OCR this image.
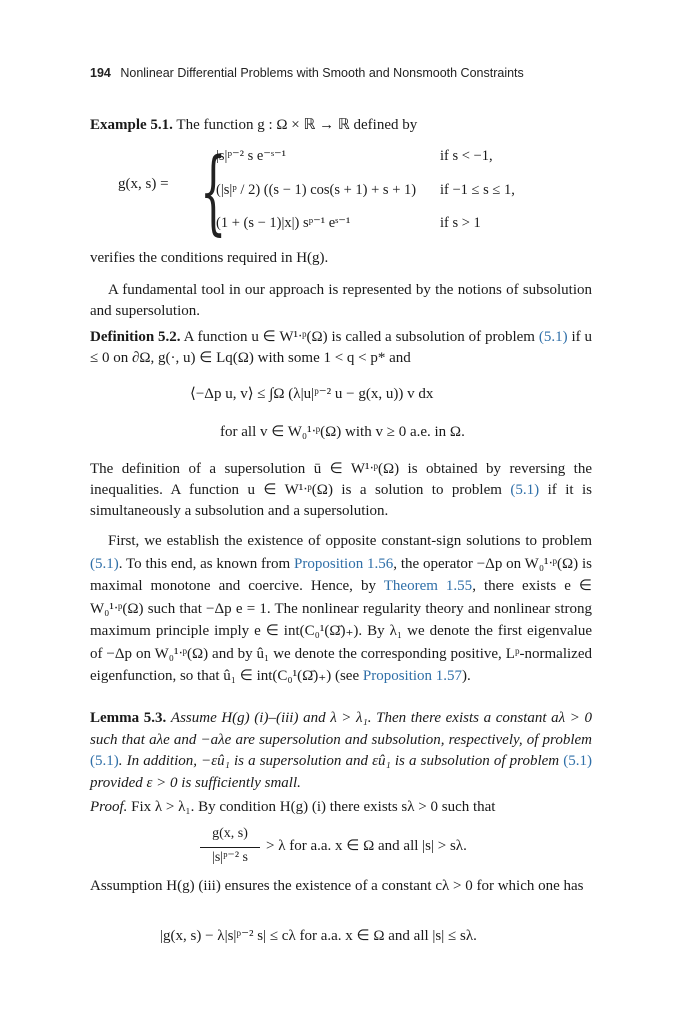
194 Nonlinear Differential Problems with Smooth and Nonsmooth Constraints
Example 5.1. The function g : Ω × ℝ → ℝ defined by
g(x, s) = {
|s|ᵖ⁻² s e⁻ˢ⁻¹	if s < −1,
(|s|ᵖ / 2) ((s − 1) cos(s + 1) + s + 1) if −1 ≤ s ≤ 1,
(1 + (s − 1)|x|) sᵖ⁻¹ eˢ⁻¹	if s > 1
verifies the conditions required in H(g).
A fundamental tool in our approach is represented by the notions of subsolution and supersolution.
Definition 5.2. A function u ∈ W¹ᐧᵖ(Ω) is called a subsolution of problem (5.1) if u ≤ 0 on ∂Ω, g(·, u) ∈ Lq(Ω) with some 1 < q < p* and
⟨−Δp u, v⟩ ≤ ∫Ω (λ|u|ᵖ⁻² u − g(x, u)) v dx
for all v ∈ W₀¹ᐧᵖ(Ω) with v ≥ 0 a.e. in Ω.
The definition of a supersolution ū ∈ W¹ᐧᵖ(Ω) is obtained by reversing the inequalities. A function u ∈ W¹ᐧᵖ(Ω) is a solution to problem (5.1) if it is simultaneously a subsolution and a supersolution.
First, we establish the existence of opposite constant-sign solutions to problem (5.1). To this end, as known from Proposition 1.56, the operator −Δp on W₀¹ᐧᵖ(Ω) is maximal monotone and coercive. Hence, by Theorem 1.55, there exists e ∈ W₀¹ᐧᵖ(Ω) such that −Δp e = 1. The nonlinear regularity theory and nonlinear strong maximum principle imply e ∈ int(C₀¹(Ω̄)₊). By λ₁ we denote the first eigenvalue of −Δp on W₀¹ᐧᵖ(Ω) and by û₁ we denote the corresponding positive, Lᵖ-normalized eigenfunction, so that û₁ ∈ int(C₀¹(Ω̄)₊) (see Proposition 1.57).
Lemma 5.3. Assume H(g) (i)–(iii) and λ > λ₁. Then there exists a constant aλ > 0 such that aλe and −aλe are supersolution and subsolution, respectively, of problem (5.1). In addition, −εû₁ is a supersolution and εû₁ is a subsolution of problem (5.1) provided ε > 0 is sufficiently small.
Proof. Fix λ > λ₁. By condition H(g) (i) there exists sλ > 0 such that
g(x, s)
|s|ᵖ⁻² s
> λ for a.a. x ∈ Ω and all |s| > sλ.
Assumption H(g) (iii) ensures the existence of a constant cλ > 0 for which one has
|g(x, s) − λ|s|ᵖ⁻² s| ≤ cλ for a.a. x ∈ Ω and all |s| ≤ sλ.
